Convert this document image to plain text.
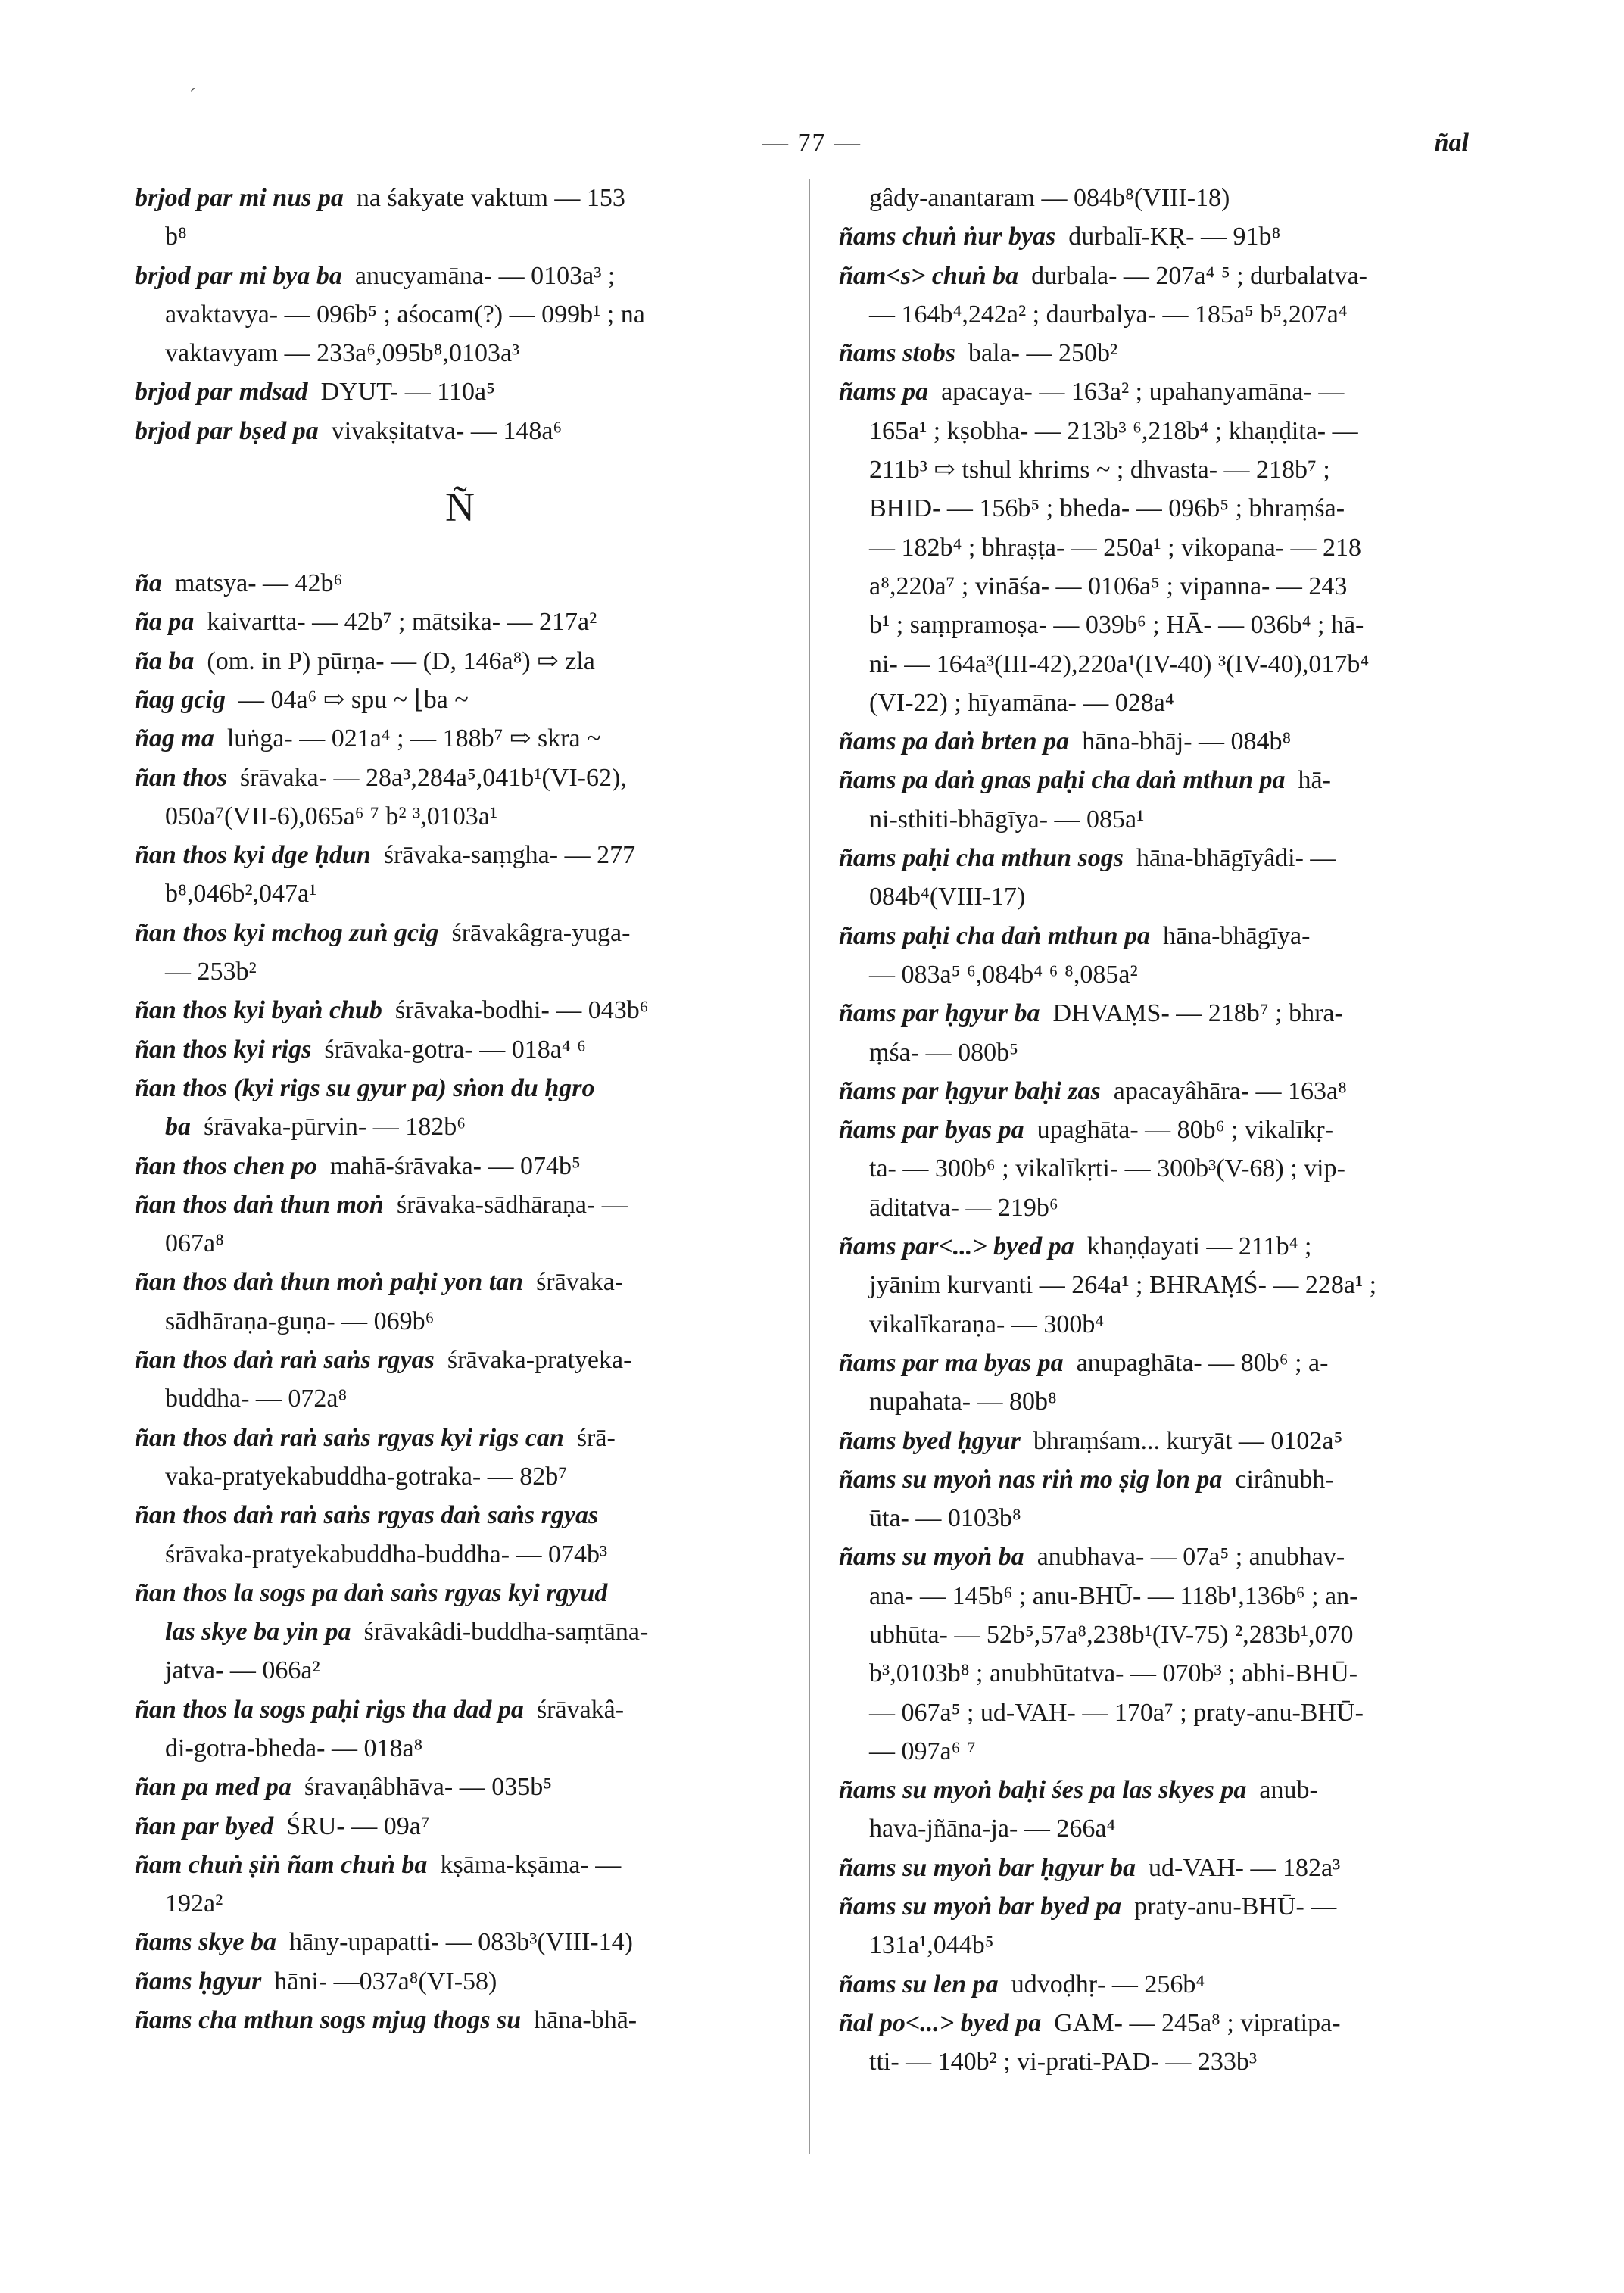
´
— 77 —	ñal
brjod par mi nus pa na śakyate vaktum — 153
b⁸
brjod par mi bya ba anucyamāna- — 0103a³ ;
avaktavya- — 096b⁵ ; aśocam(?) — 099b¹ ; na
vaktavyam — 233a⁶,095b⁸,0103a³
brjod par mdsad DYUT- — 110a⁵
brjod par bṣed pa vivakṣitatva- — 148a⁶
Ñ
ña matsya- — 42b⁶
ña pa kaivartta- — 42b⁷ ; mātsika- — 217a²
ña ba (om. in P) pūrṇa- — (D, 146a⁸) ⇨ zla
ñag gcig — 04a⁶ ⇨ spu ~ ⌊ba ~
ñag ma luṅga- — 021a⁴ ; — 188b⁷ ⇨ skra ~
ñan thos śrāvaka- — 28a³,284a⁵,041b¹(VI-62),
050a⁷(VII-6),065a⁶ ⁷ b² ³,0103a¹
ñan thos kyi dge ḥdun śrāvaka-saṃgha- — 277
b⁸,046b²,047a¹
ñan thos kyi mchog zuṅ gcig śrāvakâgra-yuga-
— 253b²
ñan thos kyi byaṅ chub śrāvaka-bodhi- — 043b⁶
ñan thos kyi rigs śrāvaka-gotra- — 018a⁴ ⁶
ñan thos (kyi rigs su gyur pa) sṅon du ḥgro
ba śrāvaka-pūrvin- — 182b⁶
ñan thos chen po mahā-śrāvaka- — 074b⁵
ñan thos daṅ thun moṅ śrāvaka-sādhāraṇa- —
067a⁸
ñan thos daṅ thun moṅ paḥi yon tan śrāvaka-
sādhāraṇa-guṇa- — 069b⁶
ñan thos daṅ raṅ saṅs rgyas śrāvaka-pratyeka-
buddha- — 072a⁸
ñan thos daṅ raṅ saṅs rgyas kyi rigs can śrā-
vaka-pratyekabuddha-gotraka- — 82b⁷
ñan thos daṅ raṅ saṅs rgyas daṅ saṅs rgyas
śrāvaka-pratyekabuddha-buddha- — 074b³
ñan thos la sogs pa daṅ saṅs rgyas kyi rgyud
las skye ba yin pa śrāvakâdi-buddha-saṃtāna-
jatva- — 066a²
ñan thos la sogs paḥi rigs tha dad pa śrāvakâ-
di-gotra-bheda- — 018a⁸
ñan pa med pa śravaṇâbhāva- — 035b⁵
ñan par byed ŚRU- — 09a⁷
ñam chuṅ ṣiṅ ñam chuṅ ba kṣāma-kṣāma- —
192a²
ñams skye ba hāny-upapatti- — 083b³(VIII-14)
ñams ḥgyur hāni- —037a⁸(VI-58)
ñams cha mthun sogs mjug thogs su hāna-bhā-
gâdy-anantaram — 084b⁸(VIII-18)
ñams chuṅ ṅur byas durbalī-KṚ- — 91b⁸
ñam<s> chuṅ ba durbala- — 207a⁴ ⁵ ; durbalatva-
— 164b⁴,242a² ; daurbalya- — 185a⁵ b⁵,207a⁴
ñams stobs bala- — 250b²
ñams pa apacaya- — 163a² ; upahanyamāna- —
165a¹ ; kṣobha- — 213b³ ⁶,218b⁴ ; khaṇḍita- —
211b³ ⇨ tshul khrims ~ ; dhvasta- — 218b⁷ ;
BHID- — 156b⁵ ; bheda- — 096b⁵ ; bhraṃśa-
— 182b⁴ ; bhraṣṭa- — 250a¹ ; vikopana- — 218
a⁸,220a⁷ ; vināśa- — 0106a⁵ ; vipanna- — 243
b¹ ; saṃpramoṣa- — 039b⁶ ; HĀ- — 036b⁴ ; hā-
ni- — 164a³(III-42),220a¹(IV-40) ³(IV-40),017b⁴
(VI-22) ; hīyamāna- — 028a⁴
ñams pa daṅ brten pa hāna-bhāj- — 084b⁸
ñams pa daṅ gnas paḥi cha daṅ mthun pa hā-
ni-sthiti-bhāgīya- — 085a¹
ñams paḥi cha mthun sogs hāna-bhāgīyâdi- —
084b⁴(VIII-17)
ñams paḥi cha daṅ mthun pa hāna-bhāgīya-
— 083a⁵ ⁶,084b⁴ ⁶ ⁸,085a²
ñams par ḥgyur ba DHVAṂS- — 218b⁷ ; bhra-
ṃśa- — 080b⁵
ñams par ḥgyur baḥi zas apacayâhāra- — 163a⁸
ñams par byas pa upaghāta- — 80b⁶ ; vikalīkṛ-
ta- — 300b⁶ ; vikalīkṛti- — 300b³(V-68) ; vip-
āditatva- — 219b⁶
ñams par<...> byed pa khaṇḍayati — 211b⁴ ;
jyānim kurvanti — 264a¹ ; BHRAṂŚ- — 228a¹ ;
vikalīkaraṇa- — 300b⁴
ñams par ma byas pa anupaghāta- — 80b⁶ ; a-
nupahata- — 80b⁸
ñams byed ḥgyur bhraṃśam... kuryāt — 0102a⁵
ñams su myoṅ nas riṅ mo ṣig lon pa cirânubh-
ūta- — 0103b⁸
ñams su myoṅ ba anubhava- — 07a⁵ ; anubhav-
ana- — 145b⁶ ; anu-BHŪ- — 118b¹,136b⁶ ; an-
ubhūta- — 52b⁵,57a⁸,238b¹(IV-75) ²,283b¹,070
b³,0103b⁸ ; anubhūtatva- — 070b³ ; abhi-BHŪ-
— 067a⁵ ; ud-VAH- — 170a⁷ ; praty-anu-BHŪ-
— 097a⁶ ⁷
ñams su myoṅ baḥi śes pa las skyes pa anub-
hava-jñāna-ja- — 266a⁴
ñams su myoṅ bar ḥgyur ba ud-VAH- — 182a³
ñams su myoṅ bar byed pa praty-anu-BHŪ- —
131a¹,044b⁵
ñams su len pa udvoḍhṛ- — 256b⁴
ñal po<...> byed pa GAM- — 245a⁸ ; vipratipa-
tti- — 140b² ; vi-prati-PAD- — 233b³
